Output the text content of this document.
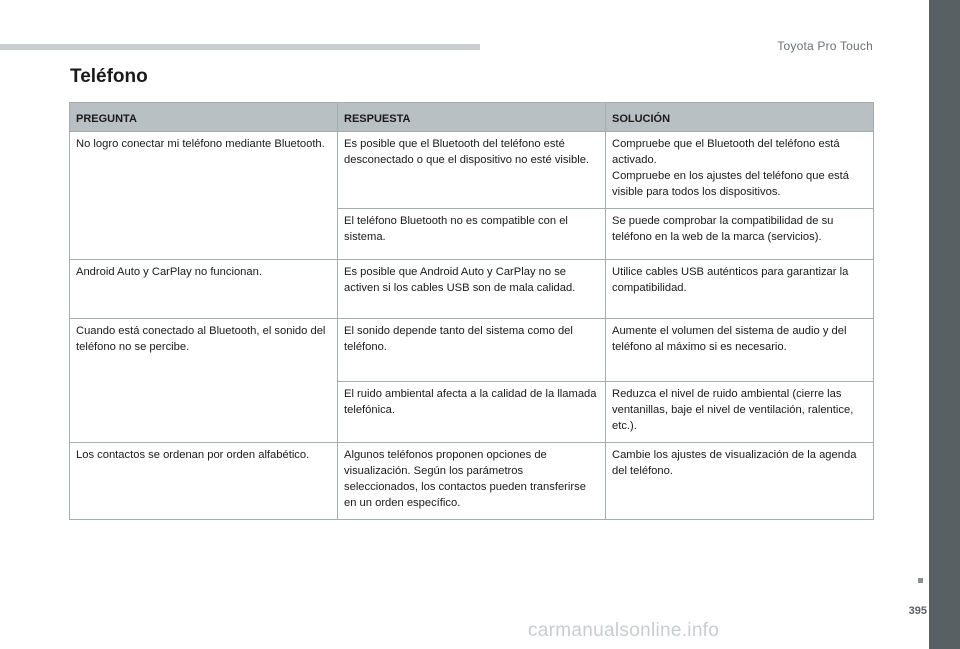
Toyota Pro Touch
Teléfono
PREGUNTA	RESPUESTA	SOLUCIÓN
No logro conectar mi teléfono mediante Bluetooth.	Es posible que el Bluetooth del teléfono esté desconectado o que el dispositivo no esté visible.	Compruebe que el Bluetooth del teléfono está activado.
Compruebe en los ajustes del teléfono que está visible para todos los dispositivos.

	El teléfono Bluetooth no es compatible con el sistema.	Se puede comprobar la compatibilidad de su teléfono en la web de la marca (servicios).
Android Auto y CarPlay no funcionan.	Es posible que Android Auto y CarPlay no se activen si los cables USB son de mala calidad.	Utilice cables USB auténticos para garantizar la compatibilidad.
Cuando está conectado al Bluetooth, el sonido del teléfono no se percibe.	El sonido depende tanto del sistema como del teléfono.	Aumente el volumen del sistema de audio y del teléfono al máximo si es necesario.
	El ruido ambiental afecta a la calidad de la llamada telefónica.	Reduzca el nivel de ruido ambiental (cierre las ventanillas, baje el nivel de ventilación, ralentice, etc.).
Los contactos se ordenan por orden alfabético.	Algunos teléfonos proponen opciones de visualización. Según los parámetros seleccionados, los contactos pueden transferirse en un orden específico.	Cambie los ajustes de visualización de la agenda del teléfono.
395
carmanualsonline.info
